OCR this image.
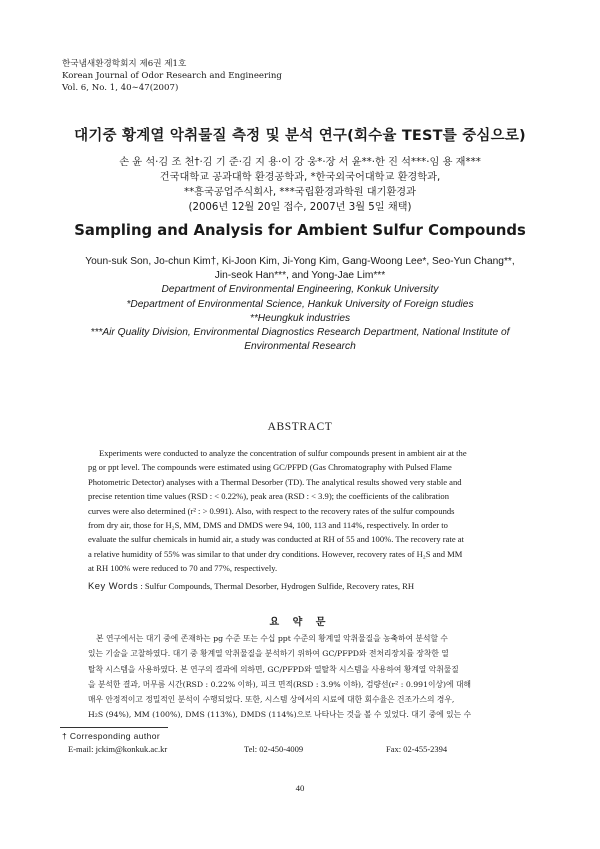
한국냄새환경학회지 제6권 제1호
Korean Journal of Odor Research and Engineering
Vol. 6, No. 1, 40∼47(2007)
대기중 황계열 악취물질 측정 및 분석 연구(회수율 TEST를 중심으로)
손 윤 석·김 조 천†·김 기 준·김 지 용·이 강 웅*·장 서 윤**·한 진 석***·임 용 재***
건국대학교 공과대학 환경공학과, *한국외국어대학교 환경학과,
**흥국공업주식회사, ***국립환경과학원 대기환경과
(2006년 12월 20일 접수, 2007년 3월 5일 채택)
Sampling and Analysis for Ambient Sulfur Compounds
Youn-suk Son, Jo-chun Kim†, Ki-Joon Kim, Ji-Yong Kim, Gang-Woong Lee*, Seo-Yun Chang**,
Jin-seok Han***, and Yong-Jae Lim***
Department of Environmental Engineering, Konkuk University
*Department of Environmental Science, Hankuk University of Foreign studies
**Heungkuk industries
***Air Quality Division, Environmental Diagnostics Research Department, National Institute of
Environmental Research
ABSTRACT
Experiments were conducted to analyze the concentration of sulfur compounds present in ambient air at the
pg or ppt level. The compounds were estimated using GC/PFPD (Gas Chromatography with Pulsed Flame
Photometric Detector) analyses with a Thermal Desorber (TD). The analytical results showed very stable and
precise retention time values (RSD : < 0.22%), peak area (RSD : < 3.9); the coefficients of the calibration
curves were also determined (r² : > 0.991). Also, with respect to the recovery rates of the sulfur compounds
from dry air, those for H₂S, MM, DMS and DMDS were 94, 100, 113 and 114%, respectively. In order to
evaluate the sulfur chemicals in humid air, a study was conducted at RH of 55 and 100%. The recovery rate at
a relative humidity of 55% was similar to that under dry conditions. However, recovery rates of H₂S and MM
at RH 100% were reduced to 70 and 77%, respectively.
Key Words : Sulfur Compounds, Thermal Desorber, Hydrogen Sulfide, Recovery rates, RH
요 약 문
본 연구에서는 대기 중에 존재하는 pg 수준 또는 수십 ppt 수준의 황계열 악취물질을 농축하여 분석할 수
있는 기술을 고찰하였다. 대기 중 황계열 악취물질을 분석하기 위하여 GC/PFPD와 전처리장치를 장착한 열
탈착 시스템을 사용하였다. 본 연구의 결과에 의하면, GC/PFPD와 열탈착 시스템을 사용하여 황계열 악취물질
을 분석한 결과, 머무름 시간(RSD : 0.22% 이하), 피크 면적(RSD : 3.9% 이하), 검량선(r² : 0.991이상)에 대해
매우 안정적이고 정밀적인 분석이 수행되었다. 또한, 시스템 상에서의 시료에 대한 회수율은 건조가스의 경우,
H₂S (94%), MM (100%), DMS (113%), DMDS (114%)으로 나타나는 것을 볼 수 있었다. 대기 중에 있는 수
† Corresponding author
E-mail: jckim@konkuk.ac.kr	Tel: 02-450-4009	Fax: 02-455-2394
40
